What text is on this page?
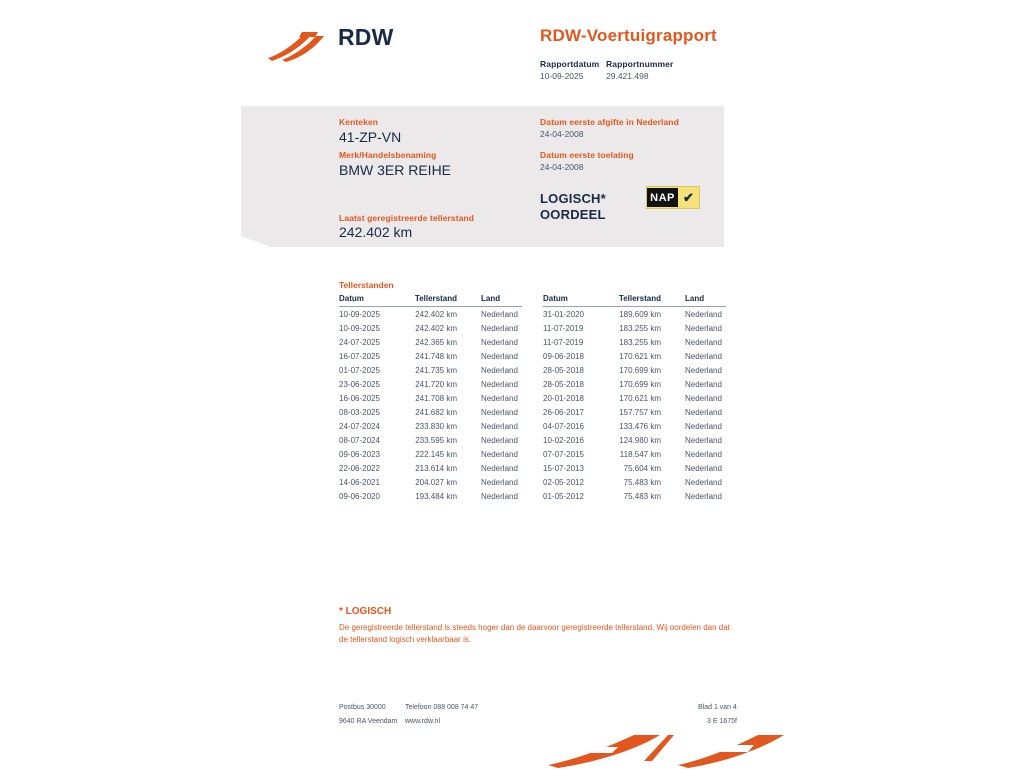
RDW	RDW-Voertuigrapport
Rapportdatum
10-09-2025
Rapportnummer
29.421.498
Kenteken
41-ZP-VN
Merk/Handelsbenaming
BMW 3ER REIHE
Laatst geregistreerde tellerstand
242.402 km
Datum eerste afgifte in Nederland
24-04-2008
Datum eerste toelating
24-04-2008
LOGISCH*
OORDEEL
NAP ✔
Tellerstanden
Datum	Tellerstand	Land
10-09-2025	242.402 km	Nederland
10-09-2025	242.402 km	Nederland
24-07-2025	242.365 km	Nederland
16-07-2025	241.748 km	Nederland
01-07-2025	241.735 km	Nederland
23-06-2025	241.720 km	Nederland
16-06-2025	241.708 km	Nederland
08-03-2025	241.682 km	Nederland
24-07-2024	233.830 km	Nederland
08-07-2024	233.595 km	Nederland
09-06-2023	222.145 km	Nederland
22-06-2022	213.614 km	Nederland
14-06-2021	204.027 km	Nederland
09-06-2020	193.484 km	Nederland
Datum	Tellerstand	Land
31-01-2020	189.609 km	Nederland
11-07-2019	183.255 km	Nederland
11-07-2019	183.255 km	Nederland
09-06-2018	170.621 km	Nederland
28-05-2018	170.699 km	Nederland
28-05-2018	170.699 km	Nederland
20-01-2018	170.621 km	Nederland
26-06-2017	157.757 km	Nederland
04-07-2016	133.476 km	Nederland
10-02-2016	124.980 km	Nederland
07-07-2015	118.547 km	Nederland
15-07-2013	75.604 km	Nederland
02-05-2012	75.483 km	Nederland
01-05-2012	75.483 km	Nederland
* LOGISCH
De geregistreerde tellerstand is steeds hoger dan de daarvoor geregistreerde tellerstand. Wij oordelen dan dat de tellerstand logisch verklaarbaar is.
Postbus 30000
9640 RA Veendam
Telefoon 088 008 74 47
www.rdw.nl
Blad 1 van 4
3 E 1675f
